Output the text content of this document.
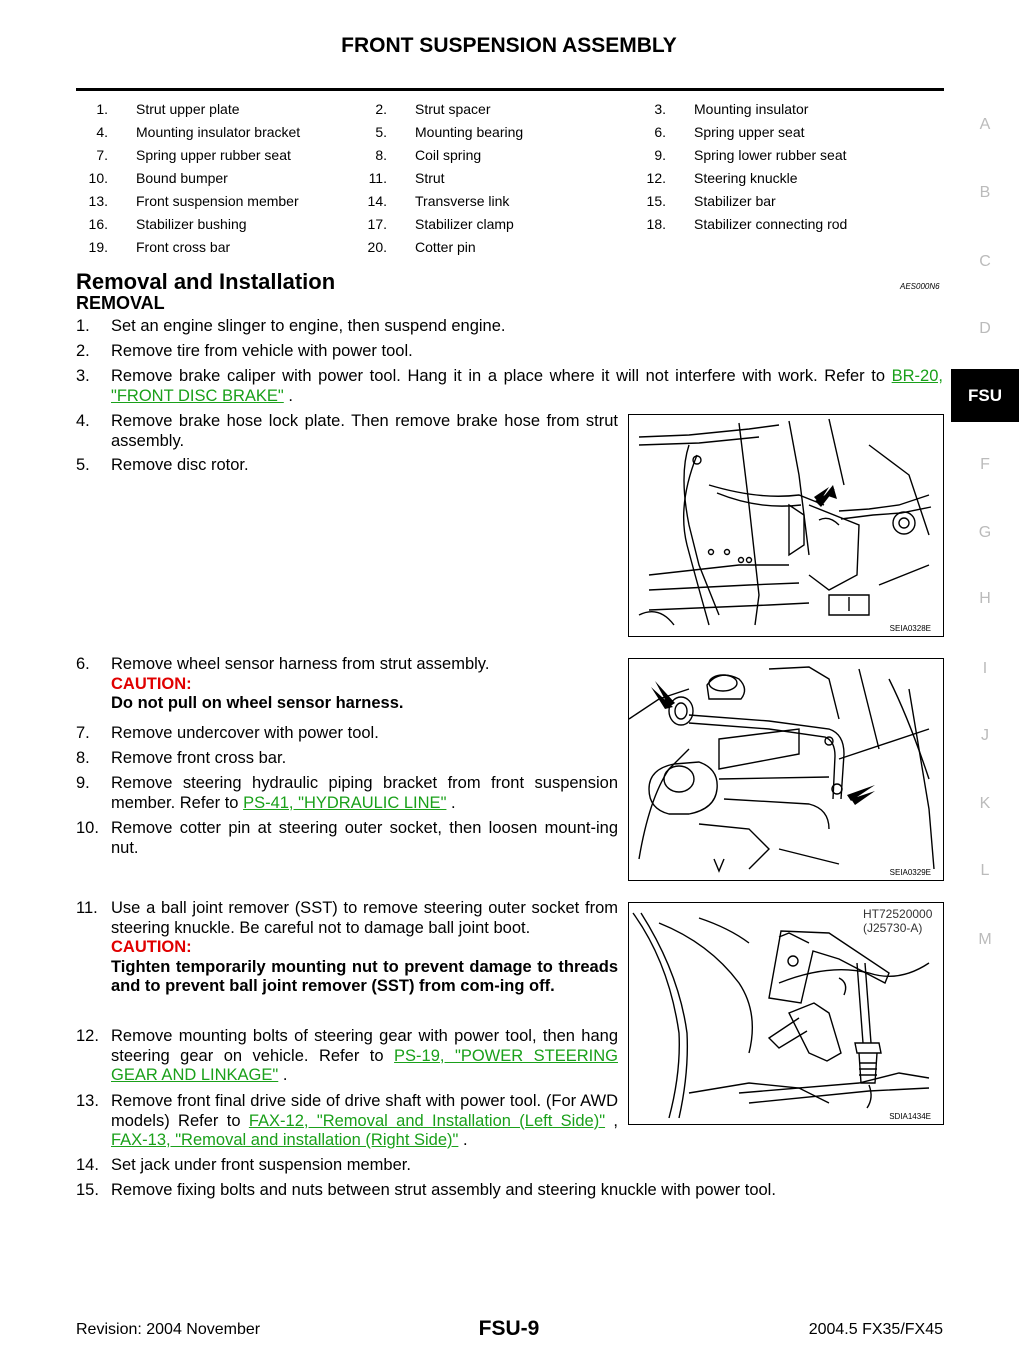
FRONT SUSPENSION ASSEMBLY
1. Strut upper plate	2. Strut spacer	3. Mounting insulator
4. Mounting insulator bracket	5. Mounting bearing	6. Spring upper seat
7. Spring upper rubber seat	8. Coil spring	9. Spring lower rubber seat
10. Bound bumper	11. Strut	12. Steering knuckle
13. Front suspension member	14. Transverse link	15. Stabilizer bar
16. Stabilizer bushing	17. Stabilizer clamp	18. Stabilizer connecting rod
19. Front cross bar	20. Cotter pin
Removal and Installation	AES000N6
REMOVAL
1.	Set an engine slinger to engine, then suspend engine.
2.	Remove tire from vehicle with power tool.
3.	Remove brake caliper with power tool. Hang it in a place where it will not interfere with work. Refer to BR-20, "FRONT DISC BRAKE" .
4.	Remove brake hose lock plate. Then remove brake hose from strut assembly.
5.	Remove disc rotor.
SEIA0328E
6.	Remove wheel sensor harness from strut assembly.
CAUTION:
Do not pull on wheel sensor harness.
7.	Remove undercover with power tool.
8.	Remove front cross bar.
9.	Remove steering hydraulic piping bracket from front suspension member. Refer to PS-41, "HYDRAULIC LINE" .
10. Remove cotter pin at steering outer socket, then loosen mount-ing nut.
SEIA0329E
11. Use a ball joint remover (SST) to remove steering outer socket from steering knuckle. Be careful not to damage ball joint boot.
CAUTION:
Tighten temporarily mounting nut to prevent damage to threads and to prevent ball joint remover (SST) from com-ing off.
12. Remove mounting bolts of steering gear with power tool, then hang steering gear on vehicle. Refer to PS-19, "POWER STEERING GEAR AND LINKAGE" .
13. Remove front final drive side of drive shaft with power tool. (For AWD models) Refer to FAX-12, "Removal and Installation (Left Side)" , FAX-13, "Removal and installation (Right Side)" .
14. Set jack under front suspension member.
15. Remove fixing bolts and nuts between strut assembly and steering knuckle with power tool.
HT72520000
(J25730-A)
SDIA1434E
A
B
C
D
FSU
F
G
H
I
J
K
L
M
Revision: 2004 November	FSU-9	2004.5 FX35/FX45
